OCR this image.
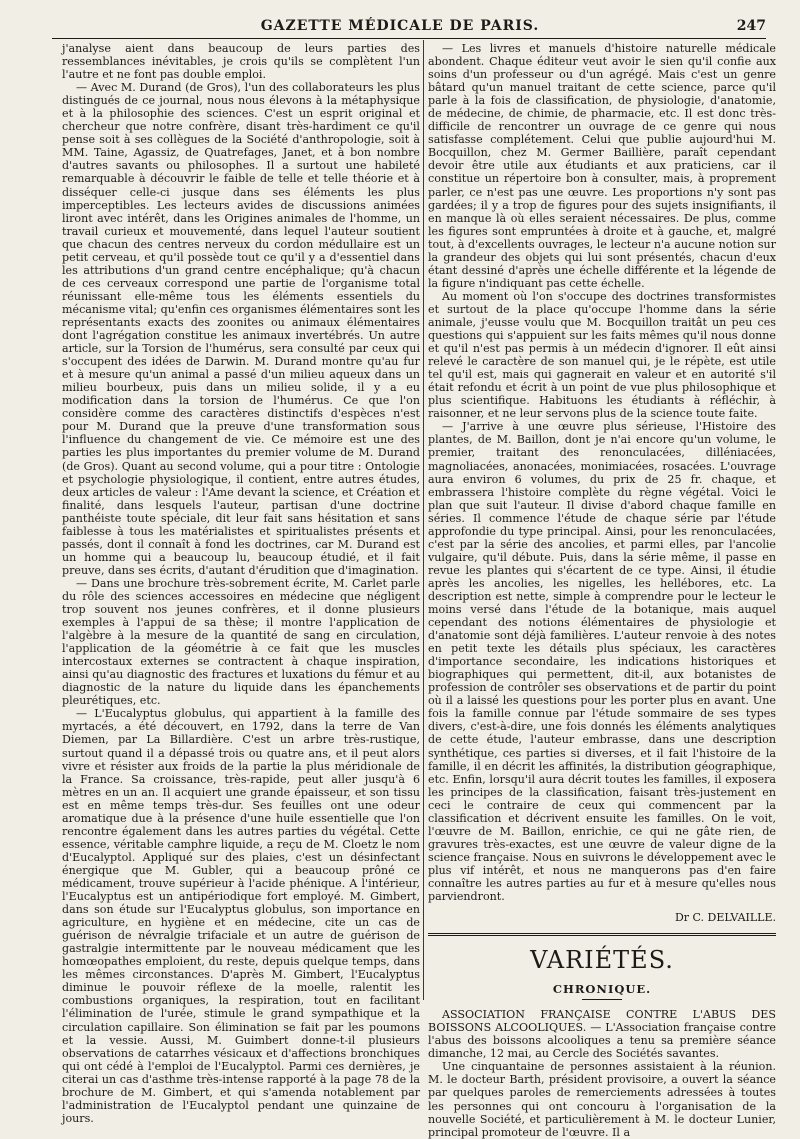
GAZETTE MÉDICALE DE PARIS.	247

j'analyse aient dans beaucoup de leurs parties des ressemblances inévitables, je crois qu'ils se complètent l'un l'autre et ne font pas double emploi.

— Avec M. Durand (de Gros), l'un des collaborateurs les plus distingués de ce journal, nous nous élevons à la métaphysique et à la philosophie des sciences. C'est un esprit original et chercheur que notre confrère, disant très-hardiment ce qu'il pense soit à ses collègues de la Société d'anthropologie, soit à MM. Taine, Agassiz, de Quatrefages, Janet, et à bon nombre d'autres savants ou philosophes. Il a surtout une habileté remarquable à découvrir le faible de telle et telle théorie et à disséquer celle-ci jusque dans ses éléments les plus imperceptibles. Les lecteurs avides de discussions animées liront avec intérêt, dans les Origines animales de l'homme, un travail curieux et mouvementé, dans lequel l'auteur soutient que chacun des centres nerveux du cordon médullaire est un petit cerveau, et qu'il possède tout ce qu'il y a d'essentiel dans les attributions d'un grand centre encéphalique; qu'à chacun de ces cerveaux correspond une partie de l'organisme total réunissant elle-même tous les éléments essentiels du mécanisme vital; qu'enfin ces organismes élémentaires sont les représentants exacts des zoonites ou animaux élémentaires dont l'agrégation constitue les animaux invertébrés. Un autre article, sur la Torsion de l'humérus, sera consulté par ceux qui s'occupent des idées de Darwin. M. Durand montre qu'au fur et à mesure qu'un animal a passé d'un milieu aqueux dans un milieu bourbeux, puis dans un milieu solide, il y a eu modification dans la torsion de l'humérus. Ce que l'on considère comme des caractères distinctifs d'espèces n'est pour M. Durand que la preuve d'une transformation sous l'influence du changement de vie. Ce mémoire est une des parties les plus importantes du premier volume de M. Durand (de Gros). Quant au second volume, qui a pour titre : Ontologie et psychologie physiologique, il contient, entre autres études, deux articles de valeur : l'Ame devant la science, et Création et finalité, dans lesquels l'auteur, partisan d'une doctrine panthéiste toute spéciale, dit leur fait sans hésitation et sans faiblesse à tous les matérialistes et spiritualistes présents et passés, dont il connaît à fond les doctrines, car M. Durand est un homme qui a beaucoup lu, beaucoup étudié, et il fait preuve, dans ses écrits, d'autant d'érudition que d'imagination.

— Dans une brochure très-sobrement écrite, M. Carlet parle du rôle des sciences accessoires en médecine que négligent trop souvent nos jeunes confrères, et il donne plusieurs exemples à l'appui de sa thèse; il montre l'application de l'algèbre à la mesure de la quantité de sang en circulation, l'application de la géométrie à ce fait que les muscles intercostaux externes se contractent à chaque inspiration, ainsi qu'au diagnostic des fractures et luxations du fémur et au diagnostic de la nature du liquide dans les épanchements pleurétiques, etc.

— L'Eucalyptus globulus, qui appartient à la famille des myrtacés, a été découvert, en 1792, dans la terre de Van Diemen, par La Billardière. C'est un arbre très-rustique, surtout quand il a dépassé trois ou quatre ans, et il peut alors vivre et résister aux froids de la partie la plus méridionale de la France. Sa croissance, très-rapide, peut aller jusqu'à 6 mètres en un an. Il acquiert une grande épaisseur, et son tissu est en même temps très-dur. Ses feuilles ont une odeur aromatique due à la présence d'une huile essentielle que l'on rencontre également dans les autres parties du végétal. Cette essence, véritable camphre liquide, a reçu de M. Cloetz le nom d'Eucalyptol. Appliqué sur des plaies, c'est un désinfectant énergique que M. Gubler, qui a beaucoup prôné ce médicament, trouve supérieur à l'acide phénique. A l'intérieur, l'Eucalyptus est un antipériodique fort employé. M. Gimbert, dans son étude sur l'Eucalyptus globulus, son importance en agriculture, en hygiène et en médecine, cite un cas de guérison de névralgie trifaciale et un autre de guérison de gastralgie intermittente par le nouveau médicament que les homœopathes emploient, du reste, depuis quelque temps, dans les mêmes circonstances. D'après M. Gimbert, l'Eucalyptus diminue le pouvoir réflexe de la moelle, ralentit les combustions organiques, la respiration, tout en facilitant l'élimination de l'urée, stimule le grand sympathique et la circulation capillaire. Son élimination se fait par les poumons et la vessie. Aussi, M. Guimbert donne-t-il plusieurs observations de catarrhes vésicaux et d'affections bronchiques qui ont cédé à l'emploi de l'Eucalyptol. Parmi ces dernières, je citerai un cas d'asthme très-intense rapporté à la page 78 de la brochure de M. Gimbert, et qui s'amenda notablement par l'administration de l'Eucalyptol pendant une quinzaine de jours.

— Les livres et manuels d'histoire naturelle médicale abondent. Chaque éditeur veut avoir le sien qu'il confie aux soins d'un professeur ou d'un agrégé. Mais c'est un genre bâtard qu'un manuel traitant de cette science, parce qu'il parle à la fois de classification, de physiologie, d'anatomie, de médecine, de chimie, de pharmacie, etc. Il est donc très-difficile de rencontrer un ouvrage de ce genre qui nous satisfasse complétement. Celui que publie aujourd'hui M. Bocquillon, chez M. Germer Baillière, paraît cependant devoir être utile aux étudiants et aux praticiens, car il constitue un répertoire bon à consulter, mais, à proprement parler, ce n'est pas une œuvre. Les proportions n'y sont pas gardées; il y a trop de figures pour des sujets insignifiants, il en manque là où elles seraient nécessaires. De plus, comme les figures sont empruntées à droite et à gauche, et, malgré tout, à d'excellents ouvrages, le lecteur n'a aucune notion sur la grandeur des objets qui lui sont présentés, chacun d'eux étant dessiné d'après une échelle différente et la légende de la figure n'indiquant pas cette échelle.

Au moment où l'on s'occupe des doctrines transformistes et surtout de la place qu'occupe l'homme dans la série animale, j'eusse voulu que M. Bocquillon traitât un peu ces questions qui s'appuient sur les faits mêmes qu'il nous donne et qu'il n'est pas permis à un médecin d'ignorer. Il eût ainsi relevé le caractère de son manuel qui, je le répète, est utile tel qu'il est, mais qui gagnerait en valeur et en autorité s'il était refondu et écrit à un point de vue plus philosophique et plus scientifique. Habituons les étudiants à réfléchir, à raisonner, et ne leur servons plus de la science toute faite.

— J'arrive à une œuvre plus sérieuse, l'Histoire des plantes, de M. Baillon, dont je n'ai encore qu'un volume, le premier, traitant des renonculacées, dilléniacées, magnoliacées, anonacées, monimiacées, rosacées. L'ouvrage aura environ 6 volumes, du prix de 25 fr. chaque, et embrassera l'histoire complète du règne végétal. Voici le plan que suit l'auteur. Il divise d'abord chaque famille en séries. Il commence l'étude de chaque série par l'étude approfondie du type principal. Ainsi, pour les renonculacées, c'est par la série des ancolies, et parmi elles, par l'ancolie vulgaire, qu'il débute. Puis, dans la série même, il passe en revue les plantes qui s'écartent de ce type. Ainsi, il étudie après les ancolies, les nigelles, les hellébores, etc. La description est nette, simple à comprendre pour le lecteur le moins versé dans l'étude de la botanique, mais auquel cependant des notions élémentaires de physiologie et d'anatomie sont déjà familières. L'auteur renvoie à des notes en petit texte les détails plus spéciaux, les caractères d'importance secondaire, les indications historiques et biographiques qui permettent, dit-il, aux botanistes de profession de contrôler ses observations et de partir du point où il a laissé les questions pour les porter plus en avant. Une fois la famille connue par l'étude sommaire de ses types divers, c'est-à-dire, une fois donnés les éléments analytiques de cette étude, l'auteur embrasse, dans une description synthétique, ces parties si diverses, et il fait l'histoire de la famille, il en décrit les affinités, la distribution géographique, etc. Enfin, lorsqu'il aura décrit toutes les familles, il exposera les principes de la classification, faisant très-justement en ceci le contraire de ceux qui commencent par la classification et décrivent ensuite les familles. On le voit, l'œuvre de M. Baillon, enrichie, ce qui ne gâte rien, de gravures très-exactes, est une œuvre de valeur digne de la science française. Nous en suivrons le développement avec le plus vif intérêt, et nous ne manquerons pas d'en faire connaître les autres parties au fur et à mesure qu'elles nous parviendront.

Dr C. DELVAILLE.
VARIÉTÉS.
CHRONIQUE.

ASSOCIATION FRANÇAISE CONTRE L'ABUS DES BOISSONS ALCOOLIQUES. — L'Association française contre l'abus des boissons alcooliques a tenu sa première séance dimanche, 12 mai, au Cercle des Sociétés savantes.

Une cinquantaine de personnes assistaient à la réunion. M. le docteur Barth, président provisoire, a ouvert la séance par quelques paroles de remerciements adressées à toutes les personnes qui ont concouru à l'organisation de la nouvelle Société, et particulièrement à M. le docteur Lunier, principal promoteur de l'œuvre. Il a
